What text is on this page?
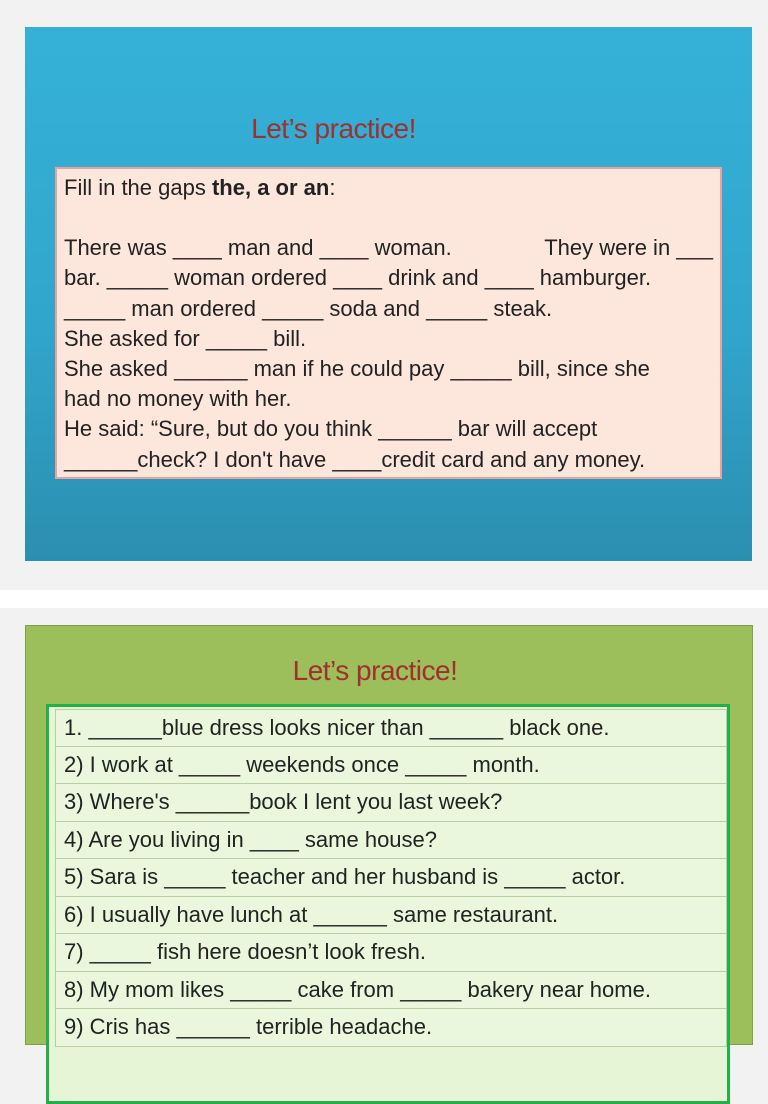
Let’s practice!
Fill in the gaps the, a or an:
There was ____ man and ____ woman.	They were in ___
bar. _____ woman ordered ____ drink and ____ hamburger.
_____ man ordered _____ soda and _____ steak.
She asked for _____ bill.
She asked ______ man if he could pay _____ bill, since she
had no money with her.
He said: “Sure, but do you think ______ bar will accept
______check? I don't have ____credit card and any money.
Let’s practice!
1. ______blue dress looks nicer than ______ black one.
2) I work at _____ weekends once _____ month.
3) Where's ______book I lent you last week?
4) Are you living in ____ same house?
5) Sara is _____ teacher and her husband is _____ actor.
6) I usually have lunch at ______ same restaurant.
7) _____ fish here doesn’t look fresh.
8) My mom likes _____ cake from _____ bakery near home.
9) Cris has ______ terrible headache.
